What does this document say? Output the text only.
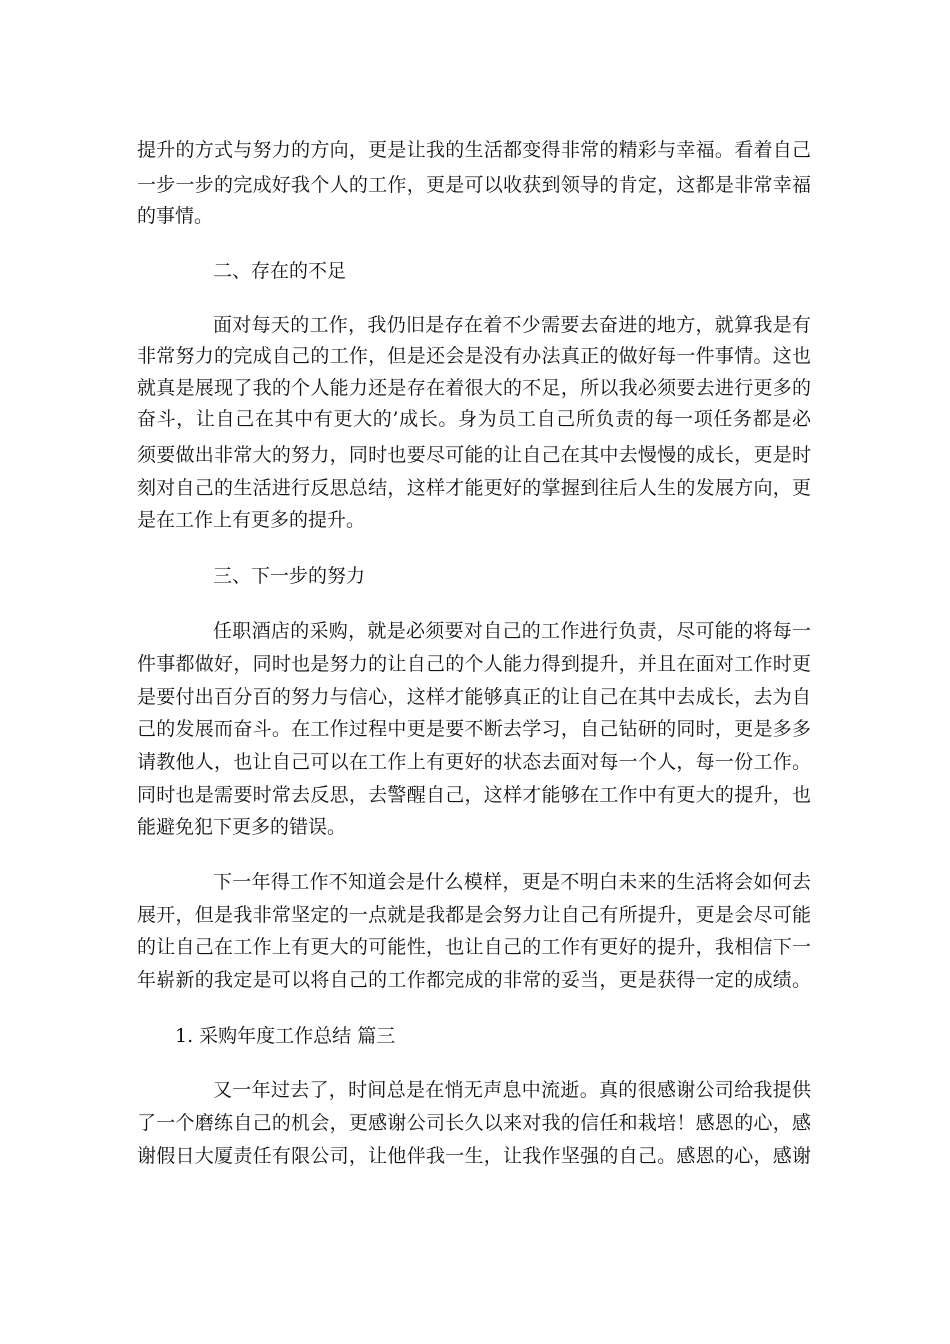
提升的方式与努力的方向，更是让我的生活都变得非常的精彩与幸福。看着自己
一步一步的完成好我个人的工作，更是可以收获到领导的肯定，这都是非常幸福
的事情。
二、存在的不足
面对每天的工作，我仍旧是存在着不少需要去奋进的地方，就算我是有
非常努力的完成自己的工作，但是还会是没有办法真正的做好每一件事情。这也
就真是展现了我的个人能力还是存在着很大的不足，所以我必须要去进行更多的
奋斗，让自己在其中有更大的’成长。身为员工自己所负责的每一项任务都是必
须要做出非常大的努力，同时也要尽可能的让自己在其中去慢慢的成长，更是时
刻对自己的生活进行反思总结，这样才能更好的掌握到往后人生的发展方向，更
是在工作上有更多的提升。
三、下一步的努力
任职酒店的采购，就是必须要对自己的工作进行负责，尽可能的将每一
件事都做好，同时也是努力的让自己的个人能力得到提升，并且在面对工作时更
是要付出百分百的努力与信心，这样才能够真正的让自己在其中去成长，去为自
己的发展而奋斗。在工作过程中更是要不断去学习，自己钻研的同时，更是多多
请教他人，也让自己可以在工作上有更好的状态去面对每一个人，每一份工作。
同时也是需要时常去反思，去警醒自己，这样才能够在工作中有更大的提升，也
能避免犯下更多的错误。
下一年得工作不知道会是什么模样，更是不明白未来的生活将会如何去
展开，但是我非常坚定的一点就是我都是会努力让自己有所提升，更是会尽可能
的让自己在工作上有更大的可能性，也让自己的工作有更好的提升，我相信下一
年崭新的我定是可以将自己的工作都完成的非常的妥当，更是获得一定的成绩。
1. 采购年度工作总结 篇三
又一年过去了，时间总是在悄无声息中流逝。真的很感谢公司给我提供
了一个磨练自己的机会，更感谢公司长久以来对我的信任和栽培！感恩的心，感
谢假日大厦责任有限公司，让他伴我一生，让我作坚强的自己。感恩的心，感谢
